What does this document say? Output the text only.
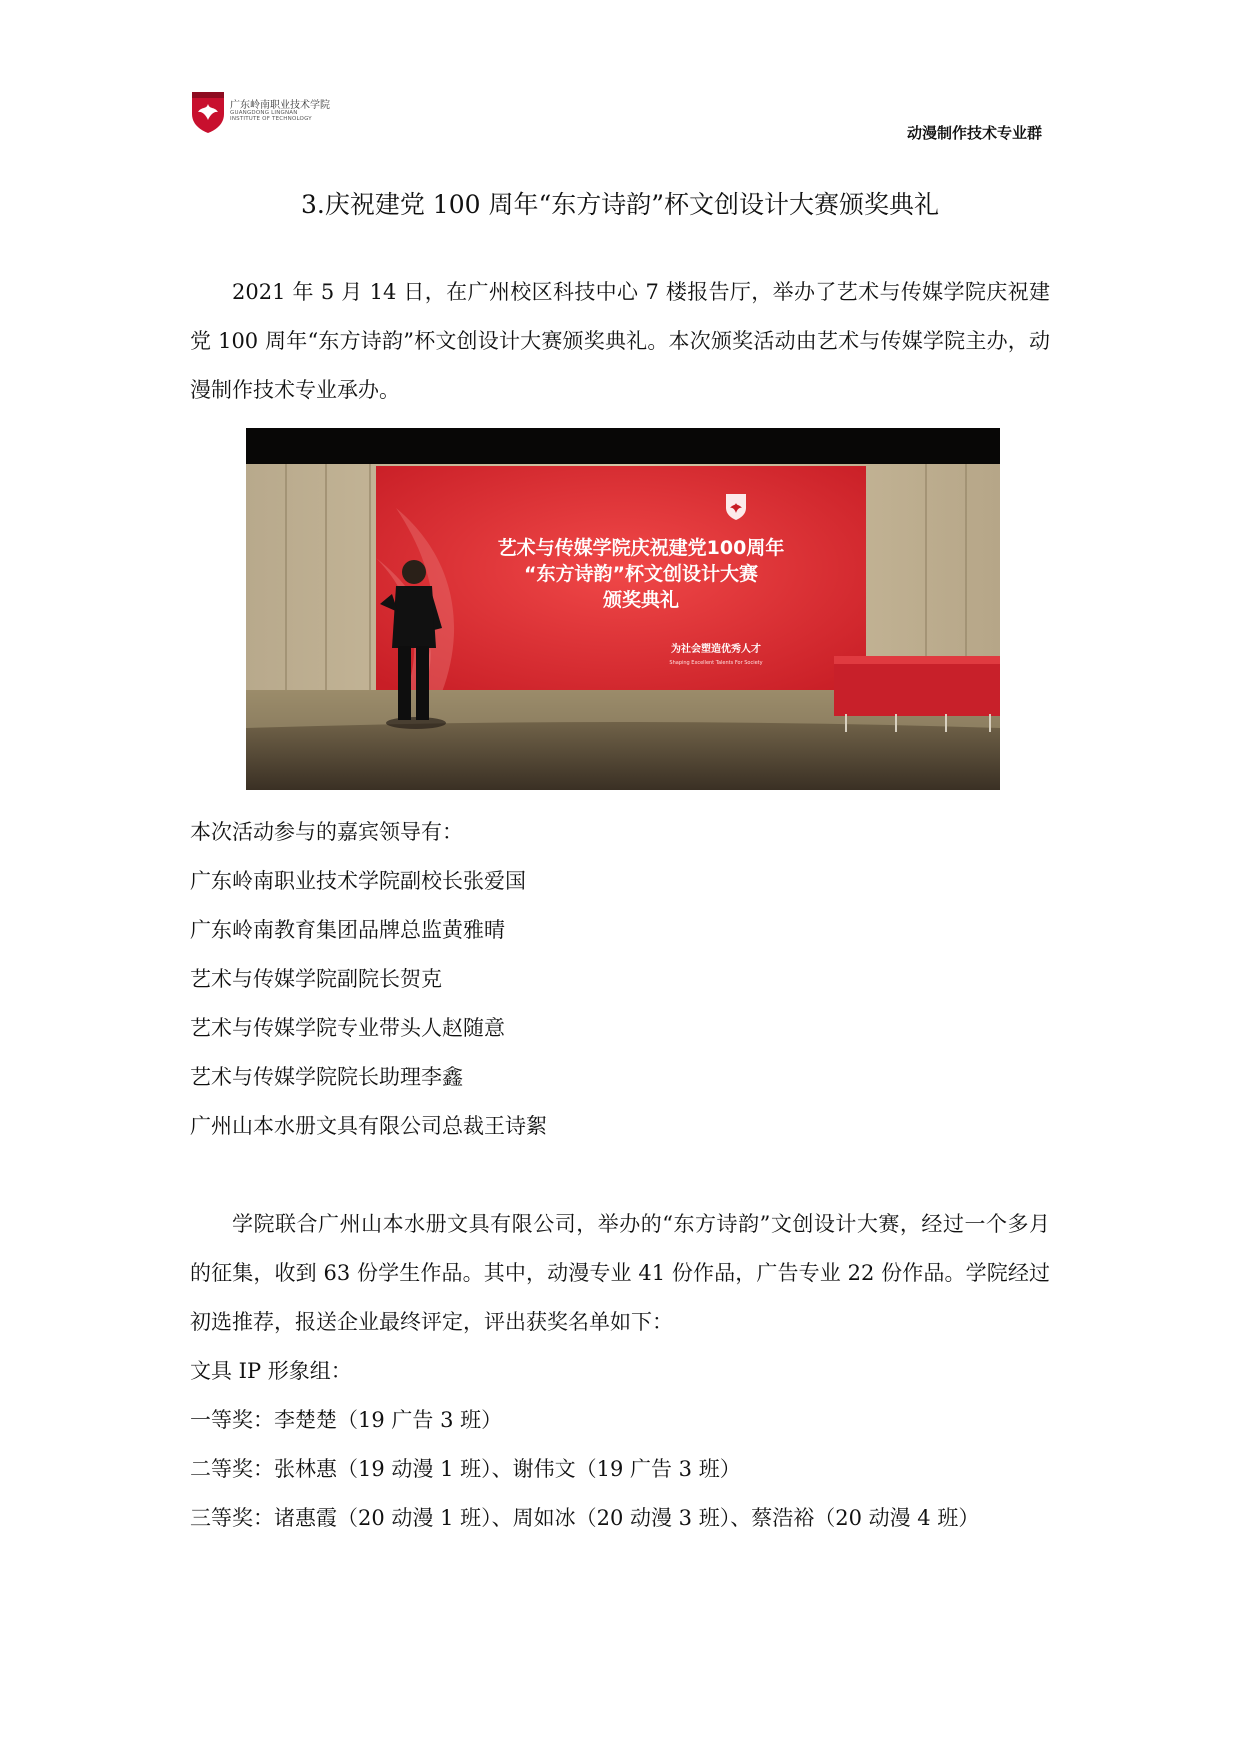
广东岭南职业技术学院
GUANGDONG LINGNAN
INSTITUTE OF TECHNOLOGY
动漫制作技术专业群
3.庆祝建党 100 周年“东方诗韵”杯文创设计大赛颁奖典礼

2021 年 5 月 14 日，在广州校区科技中心 7 楼报告厅，举办了艺术与传媒学院庆祝建党 100 周年“东方诗韵”杯文创设计大赛颁奖典礼。本次颁奖活动由艺术与传媒学院主办，动漫制作技术专业承办。

艺术与传媒学院庆祝建党100周年
“东方诗韵”杯文创设计大赛
颁奖典礼
为社会塑造优秀人才
Shaping Excellent Talents For Society
本次活动参与的嘉宾领导有：
广东岭南职业技术学院副校长张爱国
广东岭南教育集团品牌总监黄雅晴
艺术与传媒学院副院长贺克
艺术与传媒学院专业带头人赵随意
艺术与传媒学院院长助理李鑫
广州山本水册文具有限公司总裁王诗絮

学院联合广州山本水册文具有限公司，举办的“东方诗韵”文创设计大赛，经过一个多月的征集，收到 63 份学生作品。其中，动漫专业 41 份作品，广告专业 22 份作品。学院经过初选推荐，报送企业最终评定，评出获奖名单如下：

文具 IP 形象组：
一等奖：李楚楚（19 广告 3 班）
二等奖：张林惠（19 动漫 1 班）、谢伟文（19 广告 3 班）
三等奖：诸惠霞（20 动漫 1 班）、周如冰（20 动漫 3 班）、蔡浩裕（20 动漫 4 班）
